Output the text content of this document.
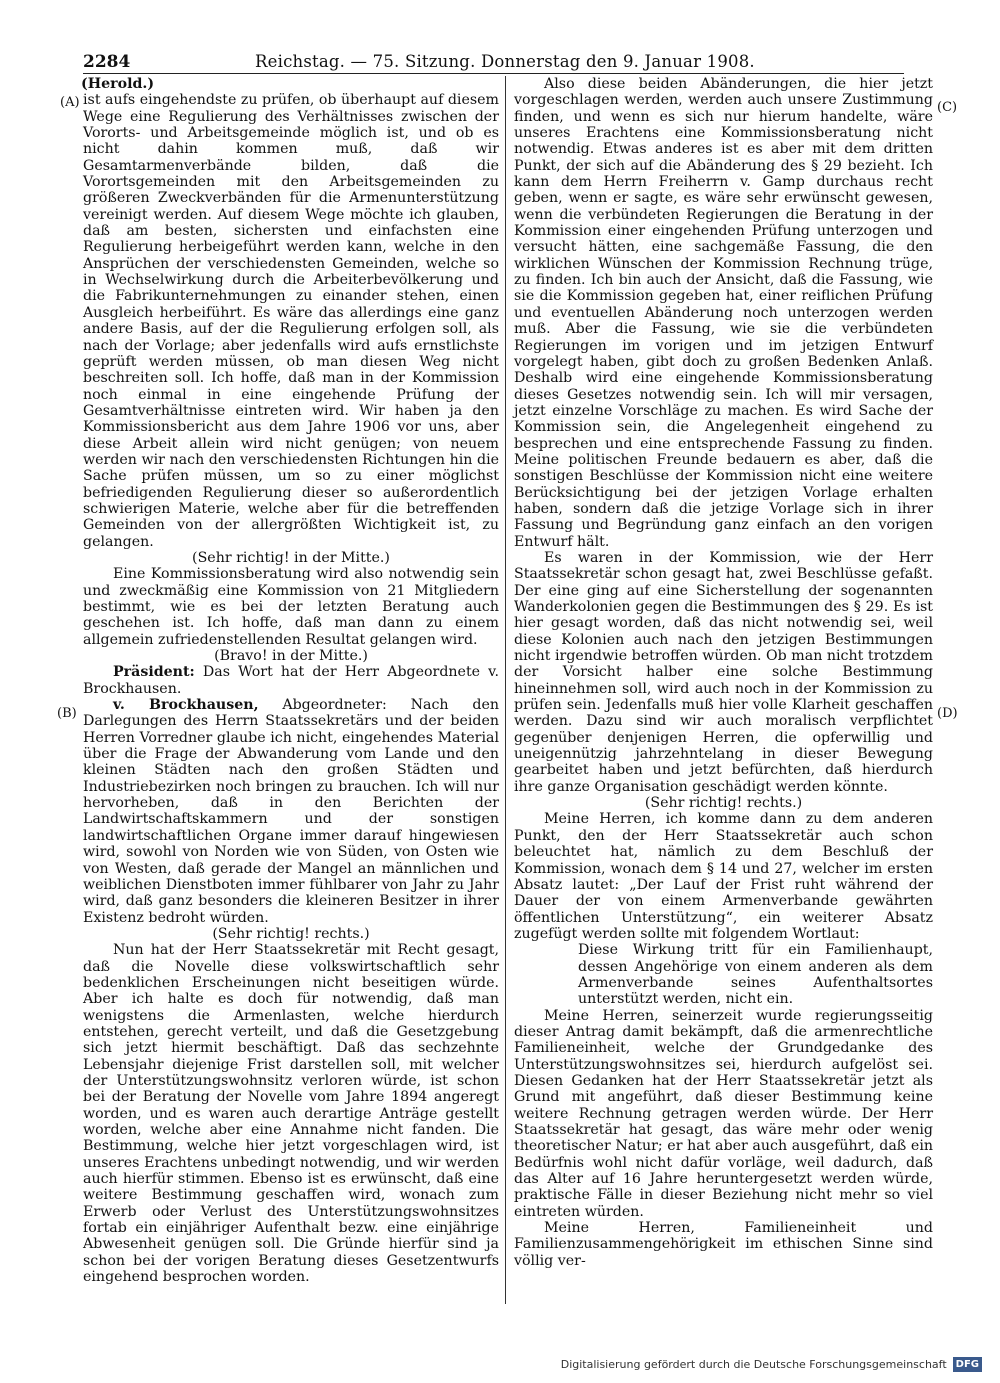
2284	Reichstag. — 75. Sitzung. Donnerstag den 9. Januar 1908.
(A)
(B)
(C)
(D)

(Herold.)

ist aufs eingehendste zu prüfen, ob überhaupt auf diesem Wege eine Regulierung des Verhältnisses zwischen der Vororts- und Arbeitsgemeinde möglich ist, und ob es nicht dahin kommen muß, daß wir Gesamtarmenverbände bilden, daß die Vorortsgemeinden mit den Arbeitsgemeinden zu größeren Zweckverbänden für die Armenunterstützung vereinigt werden. Auf diesem Wege möchte ich glauben, daß am besten, sichersten und einfachsten eine Regulierung herbeigeführt werden kann, welche in den Ansprüchen der verschiedensten Gemeinden, welche so in Wechselwirkung durch die Arbeiterbevölkerung und die Fabrikunternehmungen zu einander stehen, einen Ausgleich herbeiführt. Es wäre das allerdings eine ganz andere Basis, auf der die Regulierung erfolgen soll, als nach der Vorlage; aber jedenfalls wird aufs ernstlichste geprüft werden müssen, ob man diesen Weg nicht beschreiten soll. Ich hoffe, daß man in der Kommission noch einmal in eine eingehende Prüfung der Gesamtverhältnisse eintreten wird. Wir haben ja den Kommissionsbericht aus dem Jahre 1906 vor uns, aber diese Arbeit allein wird nicht genügen; von neuem werden wir nach den verschiedensten Richtungen hin die Sache prüfen müssen, um so zu einer möglichst befriedigenden Regulierung dieser so außerordentlich schwierigen Materie, welche aber für die betreffenden Gemeinden von der allergrößten Wichtigkeit ist, zu gelangen.

(Sehr richtig! in der Mitte.)

Eine Kommissionsberatung wird also notwendig sein und zweckmäßig eine Kommission von 21 Mitgliedern bestimmt, wie es bei der letzten Beratung auch geschehen ist. Ich hoffe, daß man dann zu einem allgemein zufriedenstellenden Resultat gelangen wird.

(Bravo! in der Mitte.)

Präsident: Das Wort hat der Herr Abgeordnete v. Brockhausen.

v. Brockhausen, Abgeordneter: Nach den Darlegungen des Herrn Staatssekretärs und der beiden Herren Vorredner glaube ich nicht, eingehendes Material über die Frage der Abwanderung vom Lande und den kleinen Städten nach den großen Städten und Industriebezirken noch bringen zu brauchen. Ich will nur hervorheben, daß in den Berichten der Landwirtschaftskammern und der sonstigen landwirtschaftlichen Organe immer darauf hingewiesen wird, sowohl von Norden wie von Süden, von Osten wie von Westen, daß gerade der Mangel an männlichen und weiblichen Dienstboten immer fühlbarer von Jahr zu Jahr wird, daß ganz besonders die kleineren Besitzer in ihrer Existenz bedroht würden.

(Sehr richtig! rechts.)

Nun hat der Herr Staatssekretär mit Recht gesagt, daß die Novelle diese volkswirtschaftlich sehr bedenklichen Erscheinungen nicht beseitigen würde. Aber ich halte es doch für notwendig, daß man wenigstens die Armenlasten, welche hierdurch entstehen, gerecht verteilt, und daß die Gesetzgebung sich jetzt hiermit beschäftigt. Daß das sechzehnte Lebensjahr diejenige Frist darstellen soll, mit welcher der Unterstützungswohnsitz verloren würde, ist schon bei der Beratung der Novelle vom Jahre 1894 angeregt worden, und es waren auch derartige Anträge gestellt worden, welche aber eine Annahme nicht fanden. Die Bestimmung, welche hier jetzt vorgeschlagen wird, ist unseres Erachtens unbedingt notwendig, und wir werden auch hierfür stimmen. Ebenso ist es erwünscht, daß eine weitere Bestimmung geschaffen wird, wonach zum Erwerb oder Verlust des Unterstützungswohnsitzes fortab ein einjähriger Aufenthalt bezw. eine einjährige Abwesenheit genügen soll. Die Gründe hierfür sind ja schon bei der vorigen Beratung dieses Gesetzentwurfs eingehend besprochen worden.

Also diese beiden Abänderungen, die hier jetzt vorgeschlagen werden, werden auch unsere Zustimmung finden, und wenn es sich nur hierum handelte, wäre unseres Erachtens eine Kommissionsberatung nicht notwendig. Etwas anderes ist es aber mit dem dritten Punkt, der sich auf die Abänderung des § 29 bezieht. Ich kann dem Herrn Freiherrn v. Gamp durchaus recht geben, wenn er sagte, es wäre sehr erwünscht gewesen, wenn die verbündeten Regierungen die Beratung in der Kommission einer eingehenden Prüfung unterzogen und versucht hätten, eine sachgemäße Fassung, die den wirklichen Wünschen der Kommission Rechnung trüge, zu finden. Ich bin auch der Ansicht, daß die Fassung, wie sie die Kommission gegeben hat, einer reiflichen Prüfung und eventuellen Abänderung noch unterzogen werden muß. Aber die Fassung, wie sie die verbündeten Regierungen im vorigen und im jetzigen Entwurf vorgelegt haben, gibt doch zu großen Bedenken Anlaß. Deshalb wird eine eingehende Kommissionsberatung dieses Gesetzes notwendig sein. Ich will mir versagen, jetzt einzelne Vorschläge zu machen. Es wird Sache der Kommission sein, die Angelegenheit eingehend zu besprechen und eine entsprechende Fassung zu finden. Meine politischen Freunde bedauern es aber, daß die sonstigen Beschlüsse der Kommission nicht eine weitere Berücksichtigung bei der jetzigen Vorlage erhalten haben, sondern daß die jetzige Vorlage sich in ihrer Fassung und Begründung ganz einfach an den vorigen Entwurf hält.

Es waren in der Kommission, wie der Herr Staatssekretär schon gesagt hat, zwei Beschlüsse gefaßt. Der eine ging auf eine Sicherstellung der sogenannten Wanderkolonien gegen die Bestimmungen des § 29. Es ist hier gesagt worden, daß das nicht notwendig sei, weil diese Kolonien auch nach den jetzigen Bestimmungen nicht irgendwie betroffen würden. Ob man nicht trotzdem der Vorsicht halber eine solche Bestimmung hineinnehmen soll, wird auch noch in der Kommission zu prüfen sein. Jedenfalls muß hier volle Klarheit geschaffen werden. Dazu sind wir auch moralisch verpflichtet gegenüber denjenigen Herren, die opferwillig und uneigennützig jahrzehntelang in dieser Bewegung gearbeitet haben und jetzt befürchten, daß hierdurch ihre ganze Organisation geschädigt werden könnte.

(Sehr richtig! rechts.)

Meine Herren, ich komme dann zu dem anderen Punkt, den der Herr Staatssekretär auch schon beleuchtet hat, nämlich zu dem Beschluß der Kommission, wonach dem § 14 und 27, welcher im ersten Absatz lautet: „Der Lauf der Frist ruht während der Dauer der von einem Armenverbande gewährten öffentlichen Unterstützung“, ein weiterer Absatz zugefügt werden sollte mit folgendem Wortlaut:

Diese Wirkung tritt für ein Familienhaupt, dessen Angehörige von einem anderen als dem Armenverbande seines Aufenthaltsortes unterstützt werden, nicht ein.

Meine Herren, seinerzeit wurde regierungsseitig dieser Antrag damit bekämpft, daß die armenrechtliche Familieneinheit, welche der Grundgedanke des Unterstützungswohnsitzes sei, hierdurch aufgelöst sei. Diesen Gedanken hat der Herr Staatssekretär jetzt als Grund mit angeführt, daß dieser Bestimmung keine weitere Rechnung getragen werden würde. Der Herr Staatssekretär hat gesagt, das wäre mehr oder wenig theoretischer Natur; er hat aber auch ausgeführt, daß ein Bedürfnis wohl nicht dafür vorläge, weil dadurch, daß das Alter auf 16 Jahre heruntergesetzt werden würde, praktische Fälle in dieser Beziehung nicht mehr so viel eintreten würden.

Meine Herren, Familieneinheit und Familienzusammengehörigkeit im ethischen Sinne sind völlig ver-

Digitalisierung gefördert durch die Deutsche Forschungsgemeinschaft DFG
